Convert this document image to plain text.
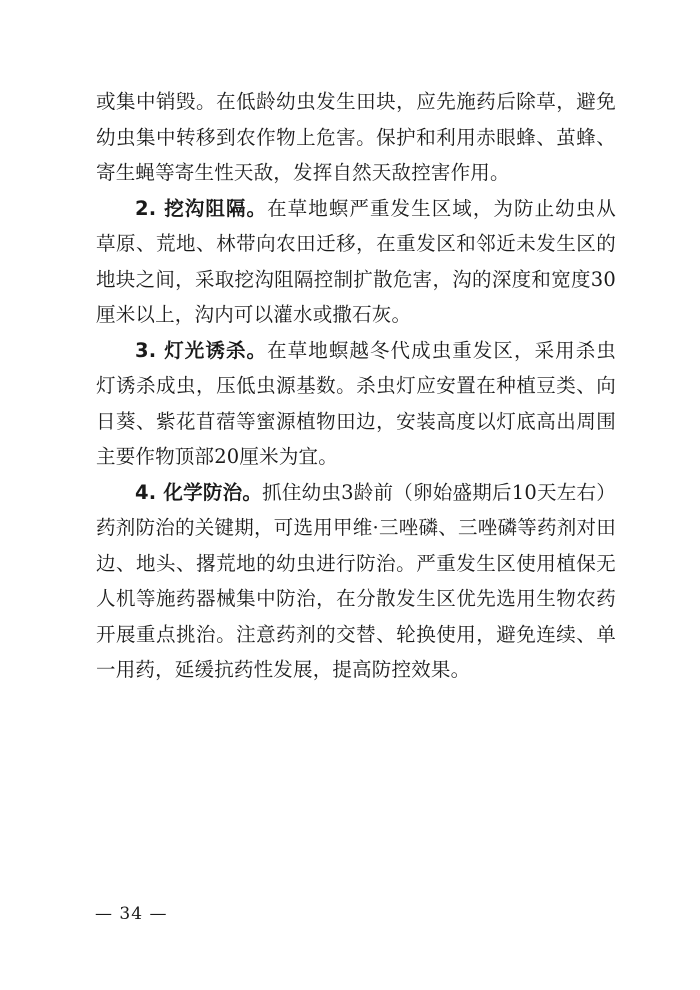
或集中销毁。在低龄幼虫发生田块，应先施药后除草，避免幼虫集中转移到农作物上危害。保护和利用赤眼蜂、茧蜂、寄生蝇等寄生性天敌，发挥自然天敌控害作用。

2. 挖沟阻隔。在草地螟严重发生区域，为防止幼虫从草原、荒地、林带向农田迁移，在重发区和邻近未发生区的地块之间，采取挖沟阻隔控制扩散危害，沟的深度和宽度30厘米以上，沟内可以灌水或撒石灰。

3. 灯光诱杀。在草地螟越冬代成虫重发区，采用杀虫灯诱杀成虫，压低虫源基数。杀虫灯应安置在种植豆类、向日葵、紫花苜蓿等蜜源植物田边，安装高度以灯底高出周围主要作物顶部20厘米为宜。

4. 化学防治。抓住幼虫3龄前（卵始盛期后10天左右）药剂防治的关键期，可选用甲维·三唑磷、三唑磷等药剂对田边、地头、撂荒地的幼虫进行防治。严重发生区使用植保无人机等施药器械集中防治，在分散发生区优先选用生物农药开展重点挑治。注意药剂的交替、轮换使用，避免连续、单一用药，延缓抗药性发展，提高防控效果。

— 34 —
